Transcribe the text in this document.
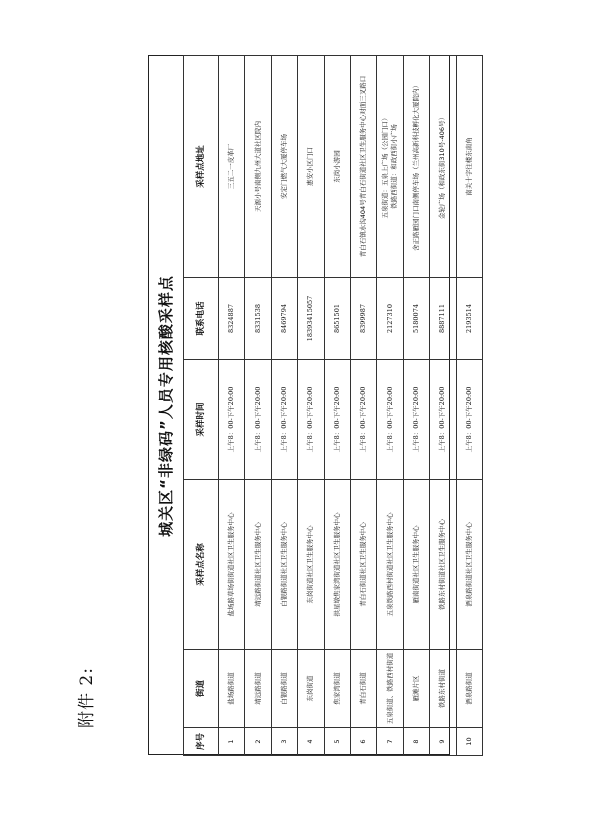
附件 2:
城关区“非绿码”人员专用核酸采样点
序号	街道	采样点名称	采样时间	联系电话	采样点地址
1	盐场路街道	盐场路草场街街道社区卫生服务中心	上午8：00-下午20:00	8324887	三五二一皮革厂
2	靖远路街道	靖远路街道社区卫生服务中心	上午8：00-下午20:00	8331538	天源小号南侧九州大道社区院内
3	白银路街道	白银路街道社区卫生服务中心	上午8：00-下午20:00	8469794	安定门燃气大厦停车场
4	东岗街道	东岗街道社区卫生服务中心	上午8：00-下午20:00	18393415057	惠安小区门口
5	焦家湾街道	拱星墩焦家湾街道社区卫生服务中心	上午8：00-下午20:00	8651501	东岗小游园
6	青白石街道	青白石街道社区卫生服务中心	上午8：00-下午20:00	8399987	青白石镇水沟404号青白石街道社区卫生服务中心对面三叉路口
7	五泉街道、铁路西村街道	五泉铁路西村街道社区卫生服务中心	上午8：00-下午20:00	2127310	五泉街道：五泉上广场（公园门口）
铁路西街道：和政西街小广场
8	雁滩片区	雁南街道社区卫生服务中心	上午8：00-下午20:00	5180074	舍正路雁园门口南侧停车场（兰州高新科技孵化大厦院内）
9	铁路东村街道	铁路东村街道社区卫生服务中心	上午8：00-下午20:00	8887111	金轮广场（和政东街310号-406号）
10	酒泉路街道	酒泉路街道社区卫生服务中心	上午8：00-下午20:00	2193514	南关十字往楼东南角
